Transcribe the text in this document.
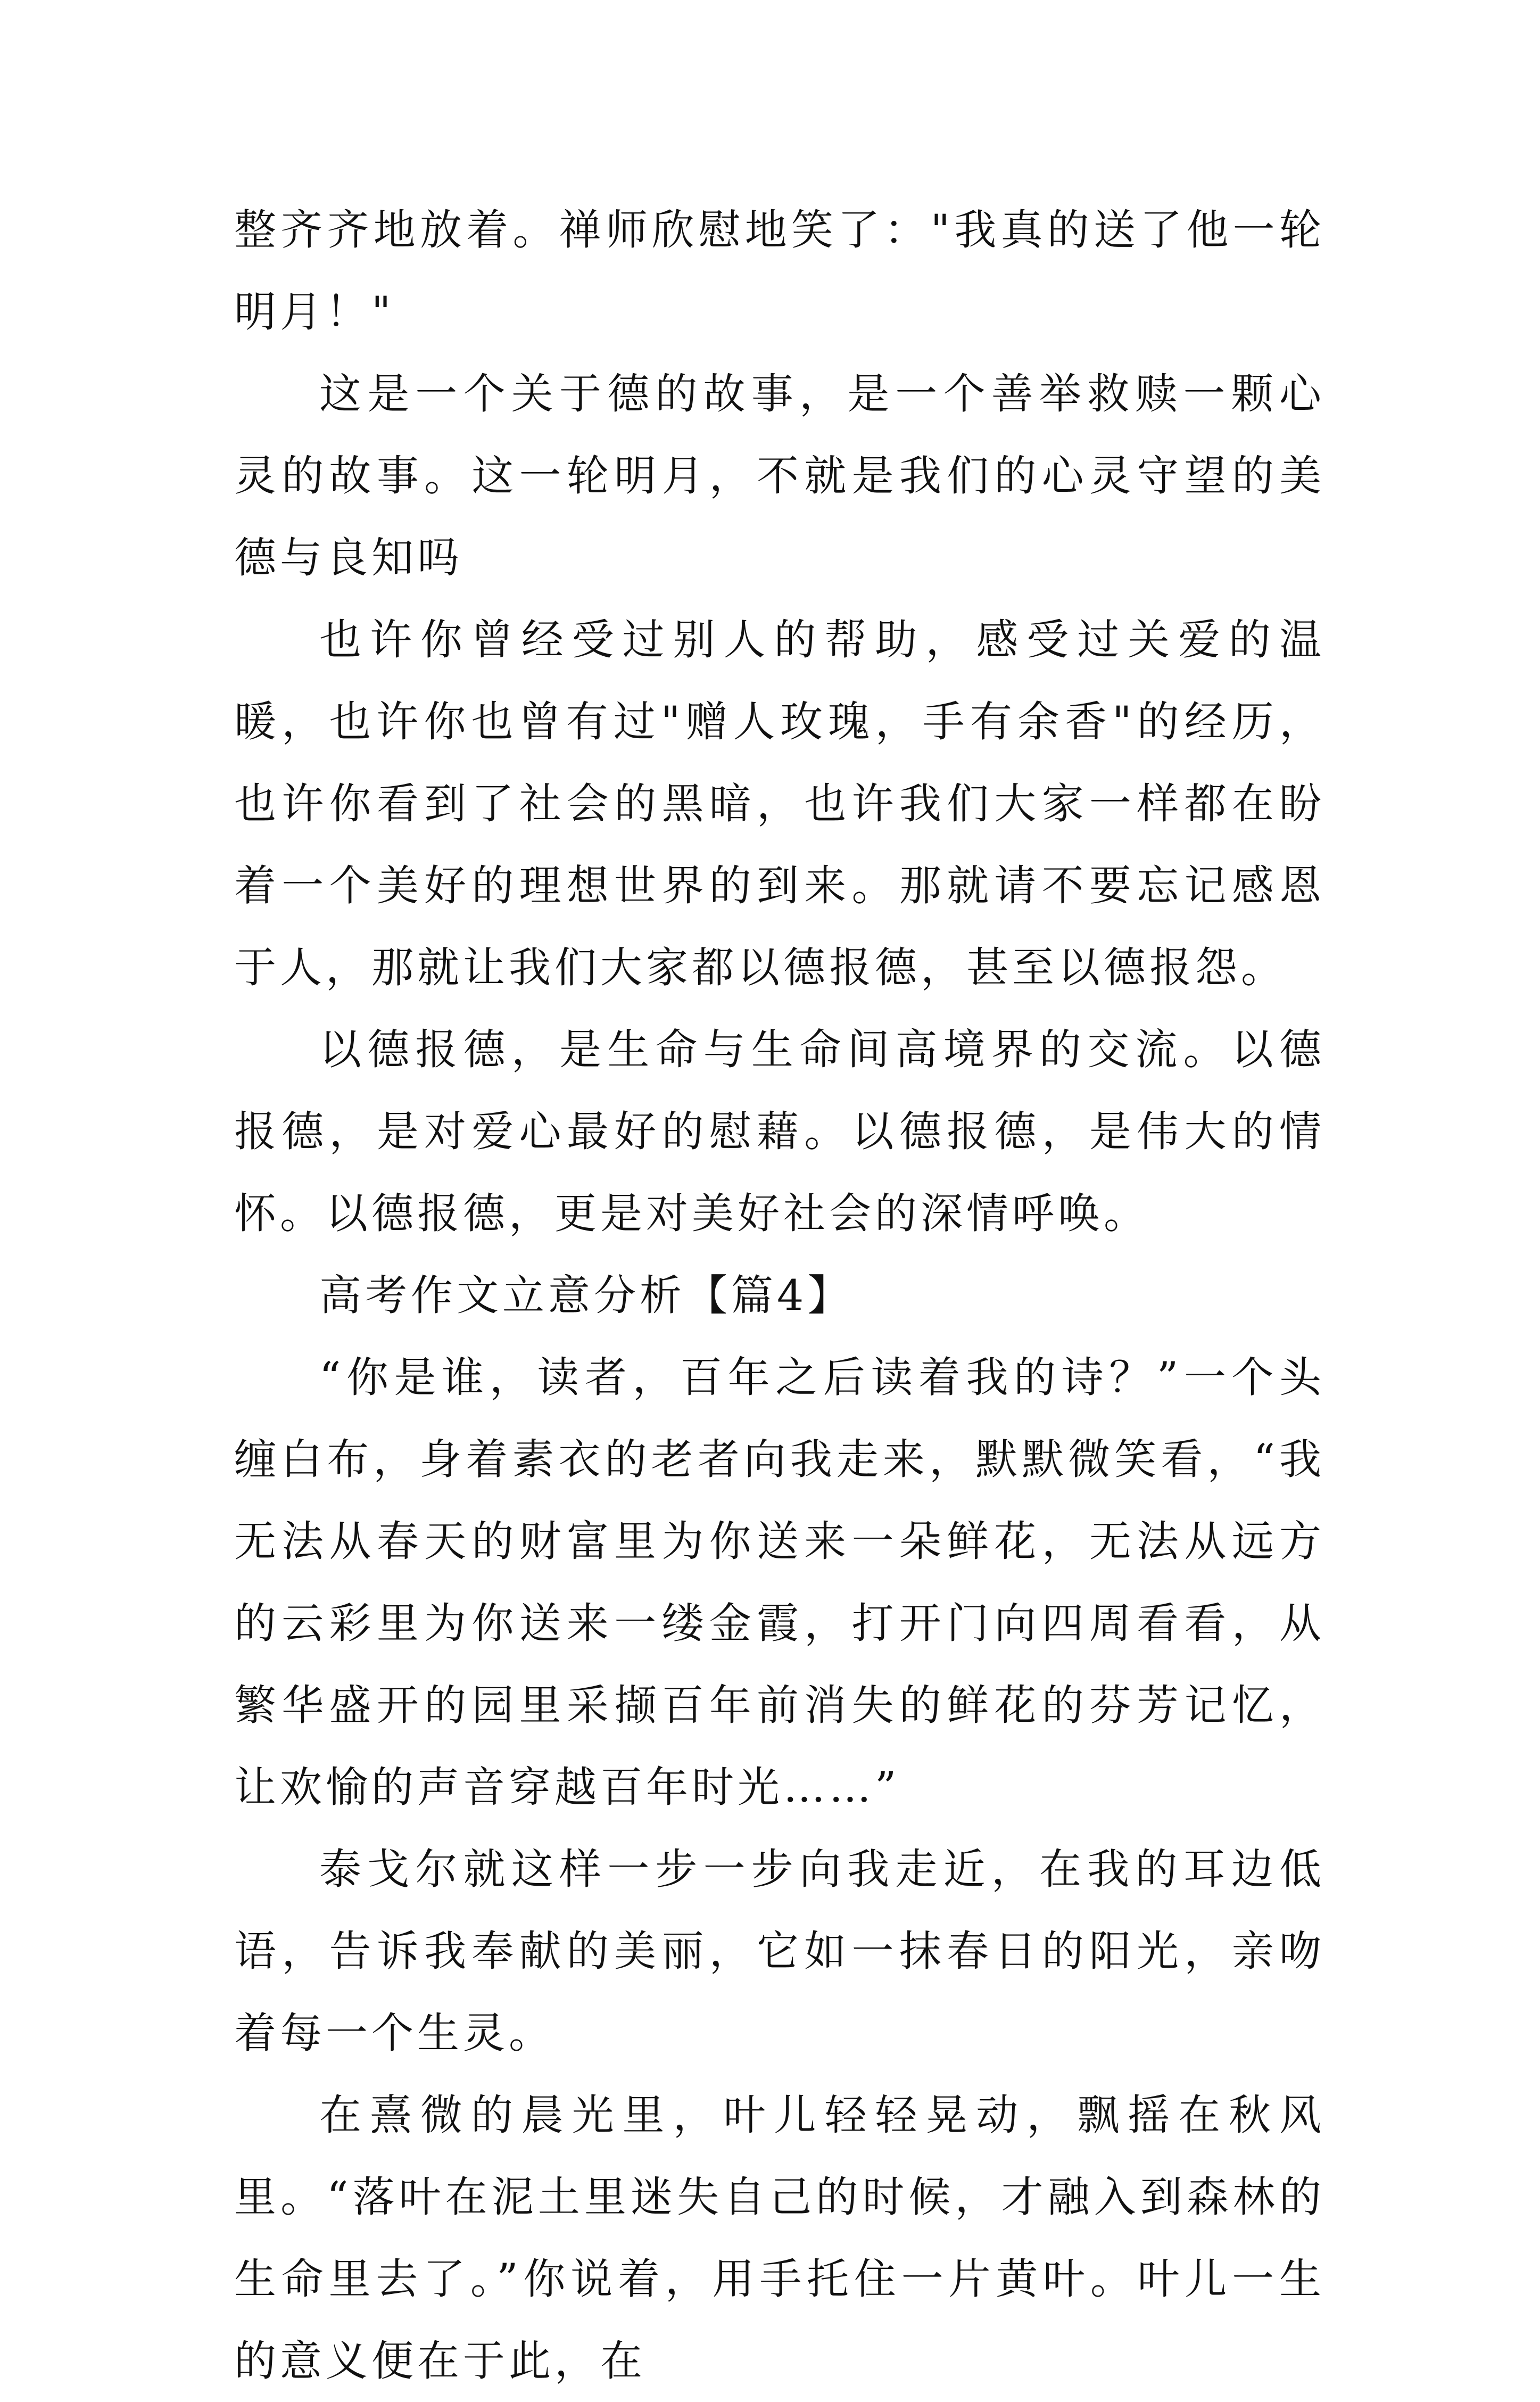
整齐齐地放着。禅师欣慰地笑了："我真的送了他一轮明月！"

这是一个关于德的故事，是一个善举救赎一颗心灵的故事。这一轮明月，不就是我们的心灵守望的美德与良知吗

也许你曾经受过别人的帮助，感受过关爱的温暖，也许你也曾有过"赠人玫瑰，手有余香"的经历，也许你看到了社会的黑暗，也许我们大家一样都在盼着一个美好的理想世界的到来。那就请不要忘记感恩于人，那就让我们大家都以德报德，甚至以德报怨。

以德报德，是生命与生命间高境界的交流。以德报德，是对爱心最好的慰藉。以德报德，是伟大的情怀。以德报德，更是对美好社会的深情呼唤。

高考作文立意分析【篇4】

“你是谁，读者，百年之后读着我的诗？”一个头缠白布，身着素衣的老者向我走来，默默微笑看，“我无法从春天的财富里为你送来一朵鲜花，无法从远方的云彩里为你送来一缕金霞，打开门向四周看看，从繁华盛开的园里采撷百年前消失的鲜花的芬芳记忆，让欢愉的声音穿越百年时光……”

泰戈尔就这样一步一步向我走近，在我的耳边低语，告诉我奉献的美丽，它如一抹春日的阳光，亲吻着每一个生灵。

在熹微的晨光里，叶儿轻轻晃动，飘摇在秋风里。“落叶在泥土里迷失自己的时候，才融入到森林的生命里去了。”你说着，用手托住一片黄叶。叶儿一生的意义便在于此，在
